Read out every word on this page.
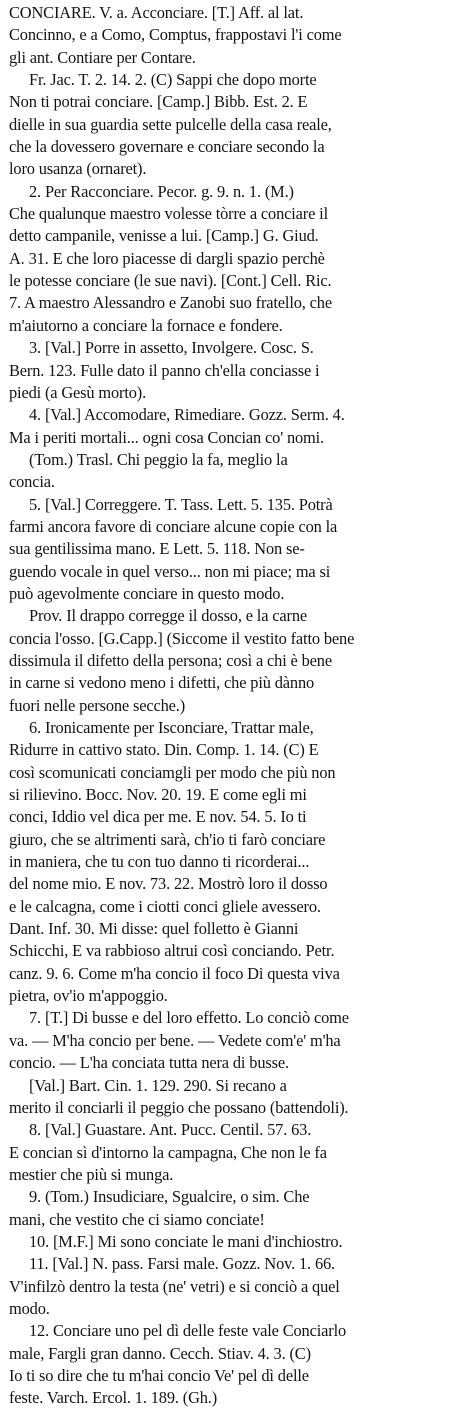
CONCIARE. V. a. Acconciare. [T.] Aff. al lat.
Concinno, e a Como, Comptus, frappostavi l'i come
gli ant. Contiare per Contare.
Fr. Jac. T. 2. 14. 2. (C) Sappi che dopo morte
Non ti potrai conciare. [Camp.] Bibb. Est. 2. E
dielle in sua guardia sette pulcelle della casa reale,
che la dovessero governare e conciare secondo la
loro usanza (ornaret).
2. Per Racconciare. Pecor. g. 9. n. 1. (M.)
Che qualunque maestro volesse tòrre a conciare il
detto campanile, venisse a lui. [Camp.] G. Giud.
A. 31. E che loro piacesse di dargli spazio perchè
le potesse conciare (le sue navi). [Cont.] Cell. Ric.
7. A maestro Alessandro e Zanobi suo fratello, che
m'aiutorno a conciare la fornace e fondere.
3. [Val.] Porre in assetto, Involgere. Cosc. S.
Bern. 123. Fulle dato il panno ch'ella conciasse i
piedi (a Gesù morto).
4. [Val.] Accomodare, Rimediare. Gozz. Serm. 4.
Ma i periti mortali... ogni cosa Concian co' nomi.
(Tom.) Trasl. Chi peggio la fa, meglio la
concia.
5. [Val.] Correggere. T. Tass. Lett. 5. 135. Potrà
farmi ancora favore di conciare alcune copie con la
sua gentilissima mano. E Lett. 5. 118. Non se-
guendo vocale in quel verso... non mi piace; ma si
può agevolmente conciare in questo modo.
Prov. Il drappo corregge il dosso, e la carne
concia l'osso. [G.Capp.] (Siccome il vestito fatto bene
dissimula il difetto della persona; così a chi è bene
in carne si vedono meno i difetti, che più dànno
fuori nelle persone secche.)
6. Ironicamente per Isconciare, Trattar male,
Ridurre in cattivo stato. Din. Comp. 1. 14. (C) E
così scomunicati conciamgli per modo che più non
si rilievino. Bocc. Nov. 20. 19. E come egli mi
conci, Iddio vel dica per me. E nov. 54. 5. Io ti
giuro, che se altrimenti sarà, ch'io ti farò conciare
in maniera, che tu con tuo danno ti ricorderai...
del nome mio. E nov. 73. 22. Mostrò loro il dosso
e le calcagna, come i ciotti conci gliele avessero.
Dant. Inf. 30. Mi disse: quel folletto è Gianni
Schicchi, E va rabbioso altrui così conciando. Petr.
canz. 9. 6. Come m'ha concio il foco Di questa viva
pietra, ov'io m'appoggio.
7. [T.] Di busse e del loro effetto. Lo conciò come
va. — M'ha concio per bene. — Vedete com'e' m'ha
concio. — L'ha conciata tutta nera di busse.
[Val.] Bart. Cin. 1. 129. 290. Si recano a
merito il conciarli il peggio che possano (battendoli).
8. [Val.] Guastare. Ant. Pucc. Centil. 57. 63.
E concian sì d'intorno la campagna, Che non le fa
mestier che più si munga.
9. (Tom.) Insudiciare, Sgualcire, o sim. Che
mani, che vestito che ci siamo conciate!
10. [M.F.] Mi sono conciate le mani d'inchiostro.
11. [Val.] N. pass. Farsi male. Gozz. Nov. 1. 66.
V'infilzò dentro la testa (ne' vetri) e si conciò a quel
modo.
12. Conciare uno pel dì delle feste vale Conciarlo
male, Fargli gran danno. Cecch. Stiav. 4. 3. (C)
Io ti so dire che tu m'hai concio Ve' pel dì delle
feste. Varch. Ercol. 1. 189. (Gh.)
